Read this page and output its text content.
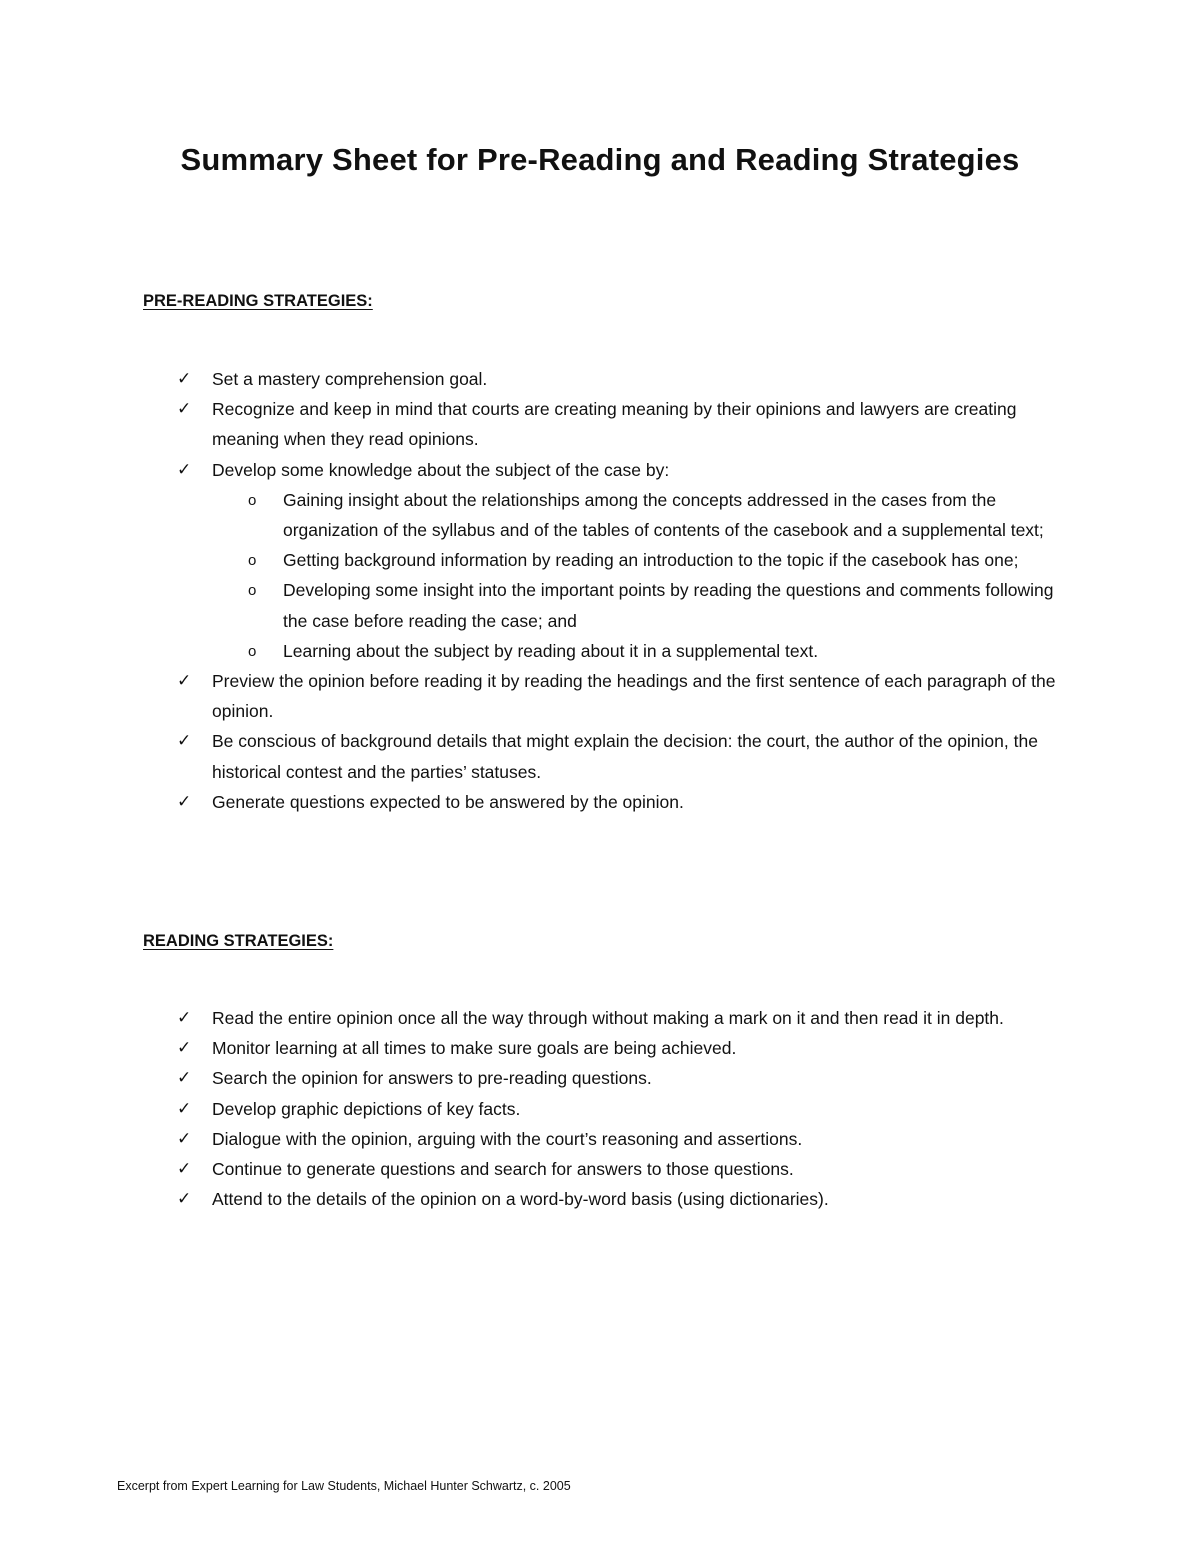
Summary Sheet for Pre-Reading and Reading Strategies
PRE-READING STRATEGIES:
✓ Set a mastery comprehension goal.
✓ Recognize and keep in mind that courts are creating meaning by their opinions and lawyers are creating meaning when they read opinions.
✓ Develop some knowledge about the subject of the case by:
o Gaining insight about the relationships among the concepts addressed in the cases from the organization of the syllabus and of the tables of contents of the casebook and a supplemental text;
o Getting background information by reading an introduction to the topic if the casebook has one;
o Developing some insight into the important points by reading the questions and comments following the case before reading the case; and
o Learning about the subject by reading about it in a supplemental text.
✓ Preview the opinion before reading it by reading the headings and the first sentence of each paragraph of the opinion.
✓ Be conscious of background details that might explain the decision: the court, the author of the opinion, the historical contest and the parties’ statuses.
✓ Generate questions expected to be answered by the opinion.
READING STRATEGIES:
✓ Read the entire opinion once all the way through without making a mark on it and then read it in depth.
✓ Monitor learning at all times to make sure goals are being achieved.
✓ Search the opinion for answers to pre-reading questions.
✓ Develop graphic depictions of key facts.
✓ Dialogue with the opinion, arguing with the court’s reasoning and assertions.
✓ Continue to generate questions and search for answers to those questions.
✓ Attend to the details of the opinion on a word-by-word basis (using dictionaries).

Excerpt from Expert Learning for Law Students, Michael Hunter Schwartz, c. 2005
